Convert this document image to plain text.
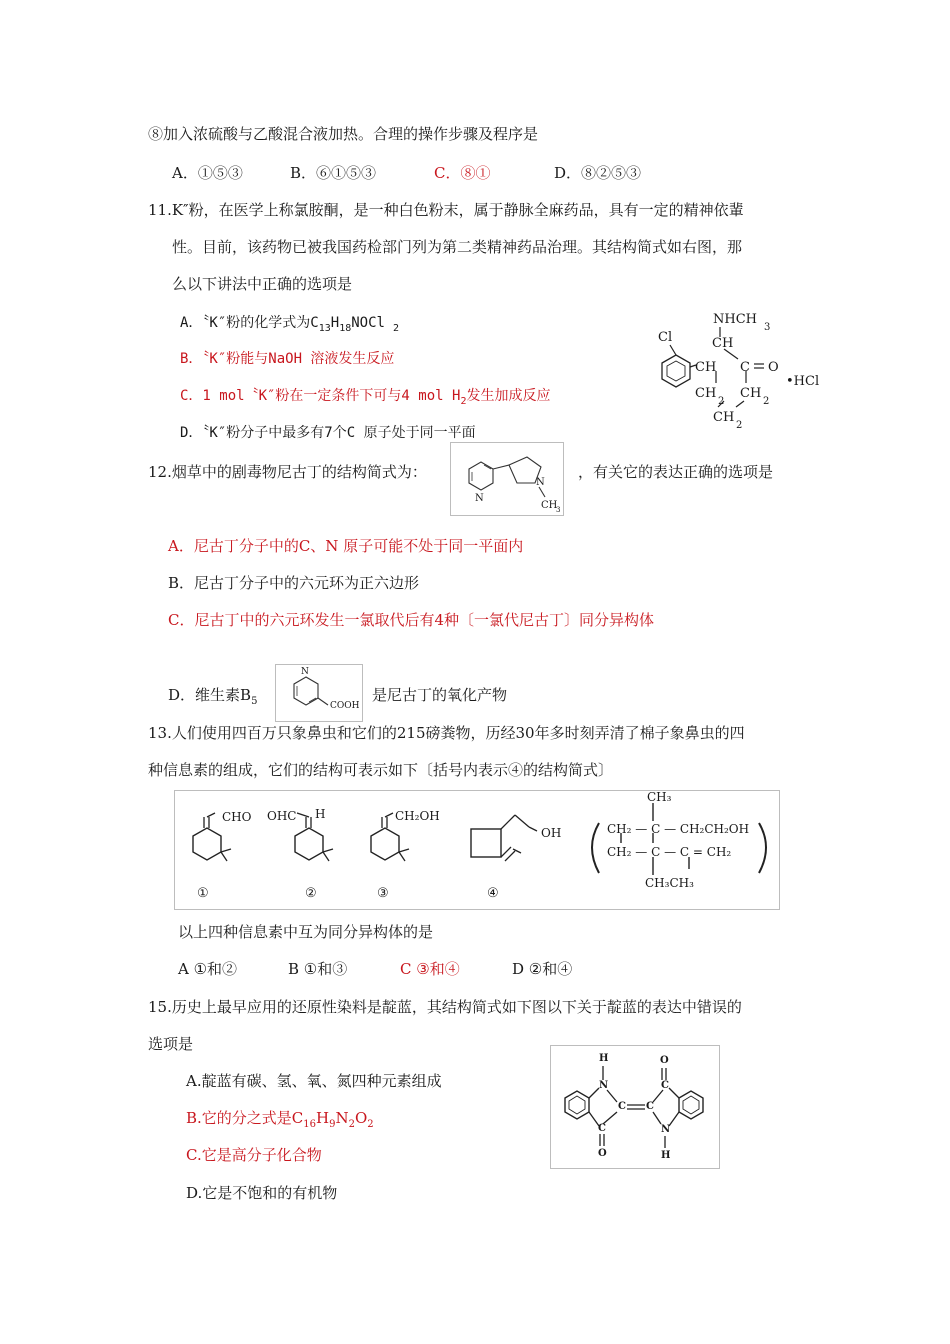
⑧加入浓硫酸与乙酸混合液加热。合理的操作步骤及程序是
A．①⑤③	B．⑥①⑤③	C．⑧①	D．⑧②⑤③
11.K″粉，在医学上称氯胺酮，是一种白色粉末，属于静脉全麻药品，具有一定的精神依輩
性。目前，该药物已被我国药检部门列为第二类精神药品治理。其结构简式如右图，那
么以下讲法中正确的选项是
A．〝K″粉的化学式为$C_{13}H_{18}NOCl$ $_2$
B．〝K″粉能与NaOH 溶液发生反应
C．1 mol〝K″粉在一定条件下可与4 mol $H_2$发生加成反应
D．〝K″粉分子中最多有7个C 原子处于同一平面
Cl
NHCH
3
CH
CH C O
•HCl
CH
2
CH
2
CH
2
12.烟草中的剧毒物尼古丁的结构简式为：
N
N
CH
3
，有关它的表达正确的选项是
A．尼古丁分子中的C、N 原子可能不处于同一平面内
B．尼古丁分子中的六元环为正六边形
C．尼古丁中的六元环发生一氯取代后有4种〔一氯代尼古丁〕同分异构体
D．维生素$B_5$
N
COOH
是尼古丁的氧化产物
13.人们使用四百万只象鼻虫和它们的215磅粪物，历经30年多时刻弄清了棉子象鼻虫的四
种信息素的组成，它们的结构可表示如下〔括号内表示④的结构简式〕
CHO OHC H	CH₂OH
OH
①	②	③	④
CH₃
CH₂ — C — CH₂CH₂OH
CH₂ — C — C = CH₂
CH₃CH₃
以上四种信息素中互为同分异构体的是
A ①和②	B ①和③	C ③和④	D ②和④
15.历史上最早应用的还原性染料是靛蓝，其结构简式如下图以下关于靛蓝的表达中错误的
选项是
A.靛蓝有碳、氢、氧、氮四种元素组成
B.它的分之式是$C_{16}H_9N_2O_2$
C.它是高分子化合物
D.它是不饱和的有机物
H	O
N	C
C C
C	N
O	H
